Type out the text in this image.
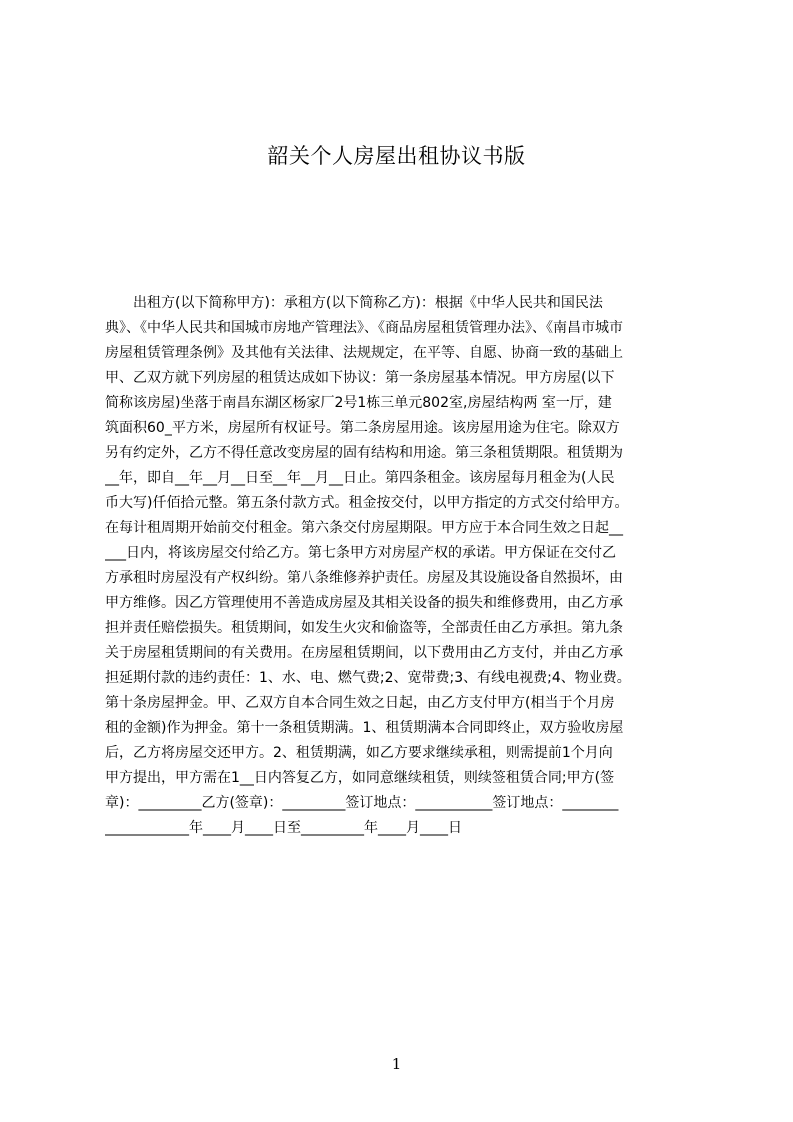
韶关个人房屋出租协议书版
　　出租方(以下简称甲方)：承租方(以下简称乙方)：根据《中华人民共和国民法
典》、《中华人民共和国城市房地产管理法》、《商品房屋租赁管理办法》、《南昌市城市
房屋租赁管理条例》及其他有关法律、法规规定，在平等、自愿、协商一致的基础上
甲、乙双方就下列房屋的租赁达成如下协议：第一条房屋基本情况。甲方房屋(以下
简称该房屋)坐落于南昌东湖区杨家厂2号1栋三单元802室,房屋结构两 室一厅，建
筑面积60_平方米，房屋所有权证号。第二条房屋用途。该房屋用途为住宅。除双方
另有约定外，乙方不得任意改变房屋的固有结构和用途。第三条租赁期限。租赁期为
__年，即自__年__月__日至__年__月__日止。第四条租金。该房屋每月租金为(人民
币大写)仟佰拾元整。第五条付款方式。租金按交付，以甲方指定的方式交付给甲方。
在每计租周期开始前交付租金。第六条交付房屋期限。甲方应于本合同生效之日起__
___日内，将该房屋交付给乙方。第七条甲方对房屋产权的承诺。甲方保证在交付乙
方承租时房屋没有产权纠纷。第八条维修养护责任。房屋及其设施设备自然损坏，由
甲方维修。因乙方管理使用不善造成房屋及其相关设备的损失和维修费用，由乙方承
担并责任赔偿损失。租赁期间，如发生火灾和偷盗等，全部责任由乙方承担。第九条
关于房屋租赁期间的有关费用。在房屋租赁期间，以下费用由乙方支付，并由乙方承
担延期付款的违约责任：1、水、电、燃气费;2、宽带费;3、有线电视费;4、物业费。
第十条房屋押金。甲、乙双方自本合同生效之日起，由乙方支付甲方(相当于个月房
租的金额)作为押金。第十一条租赁期满。1、租赁期满本合同即终止，双方验收房屋
后，乙方将房屋交还甲方。2、租赁期满，如乙方要求继续承租，则需提前1个月向
甲方提出，甲方需在1__日内答复乙方，如同意继续租赁，则续签租赁合同;甲方(签
章)：_________乙方(签章)：_________签订地点：___________签订地点：________
____________年____月____日至_________年____月____日
1
